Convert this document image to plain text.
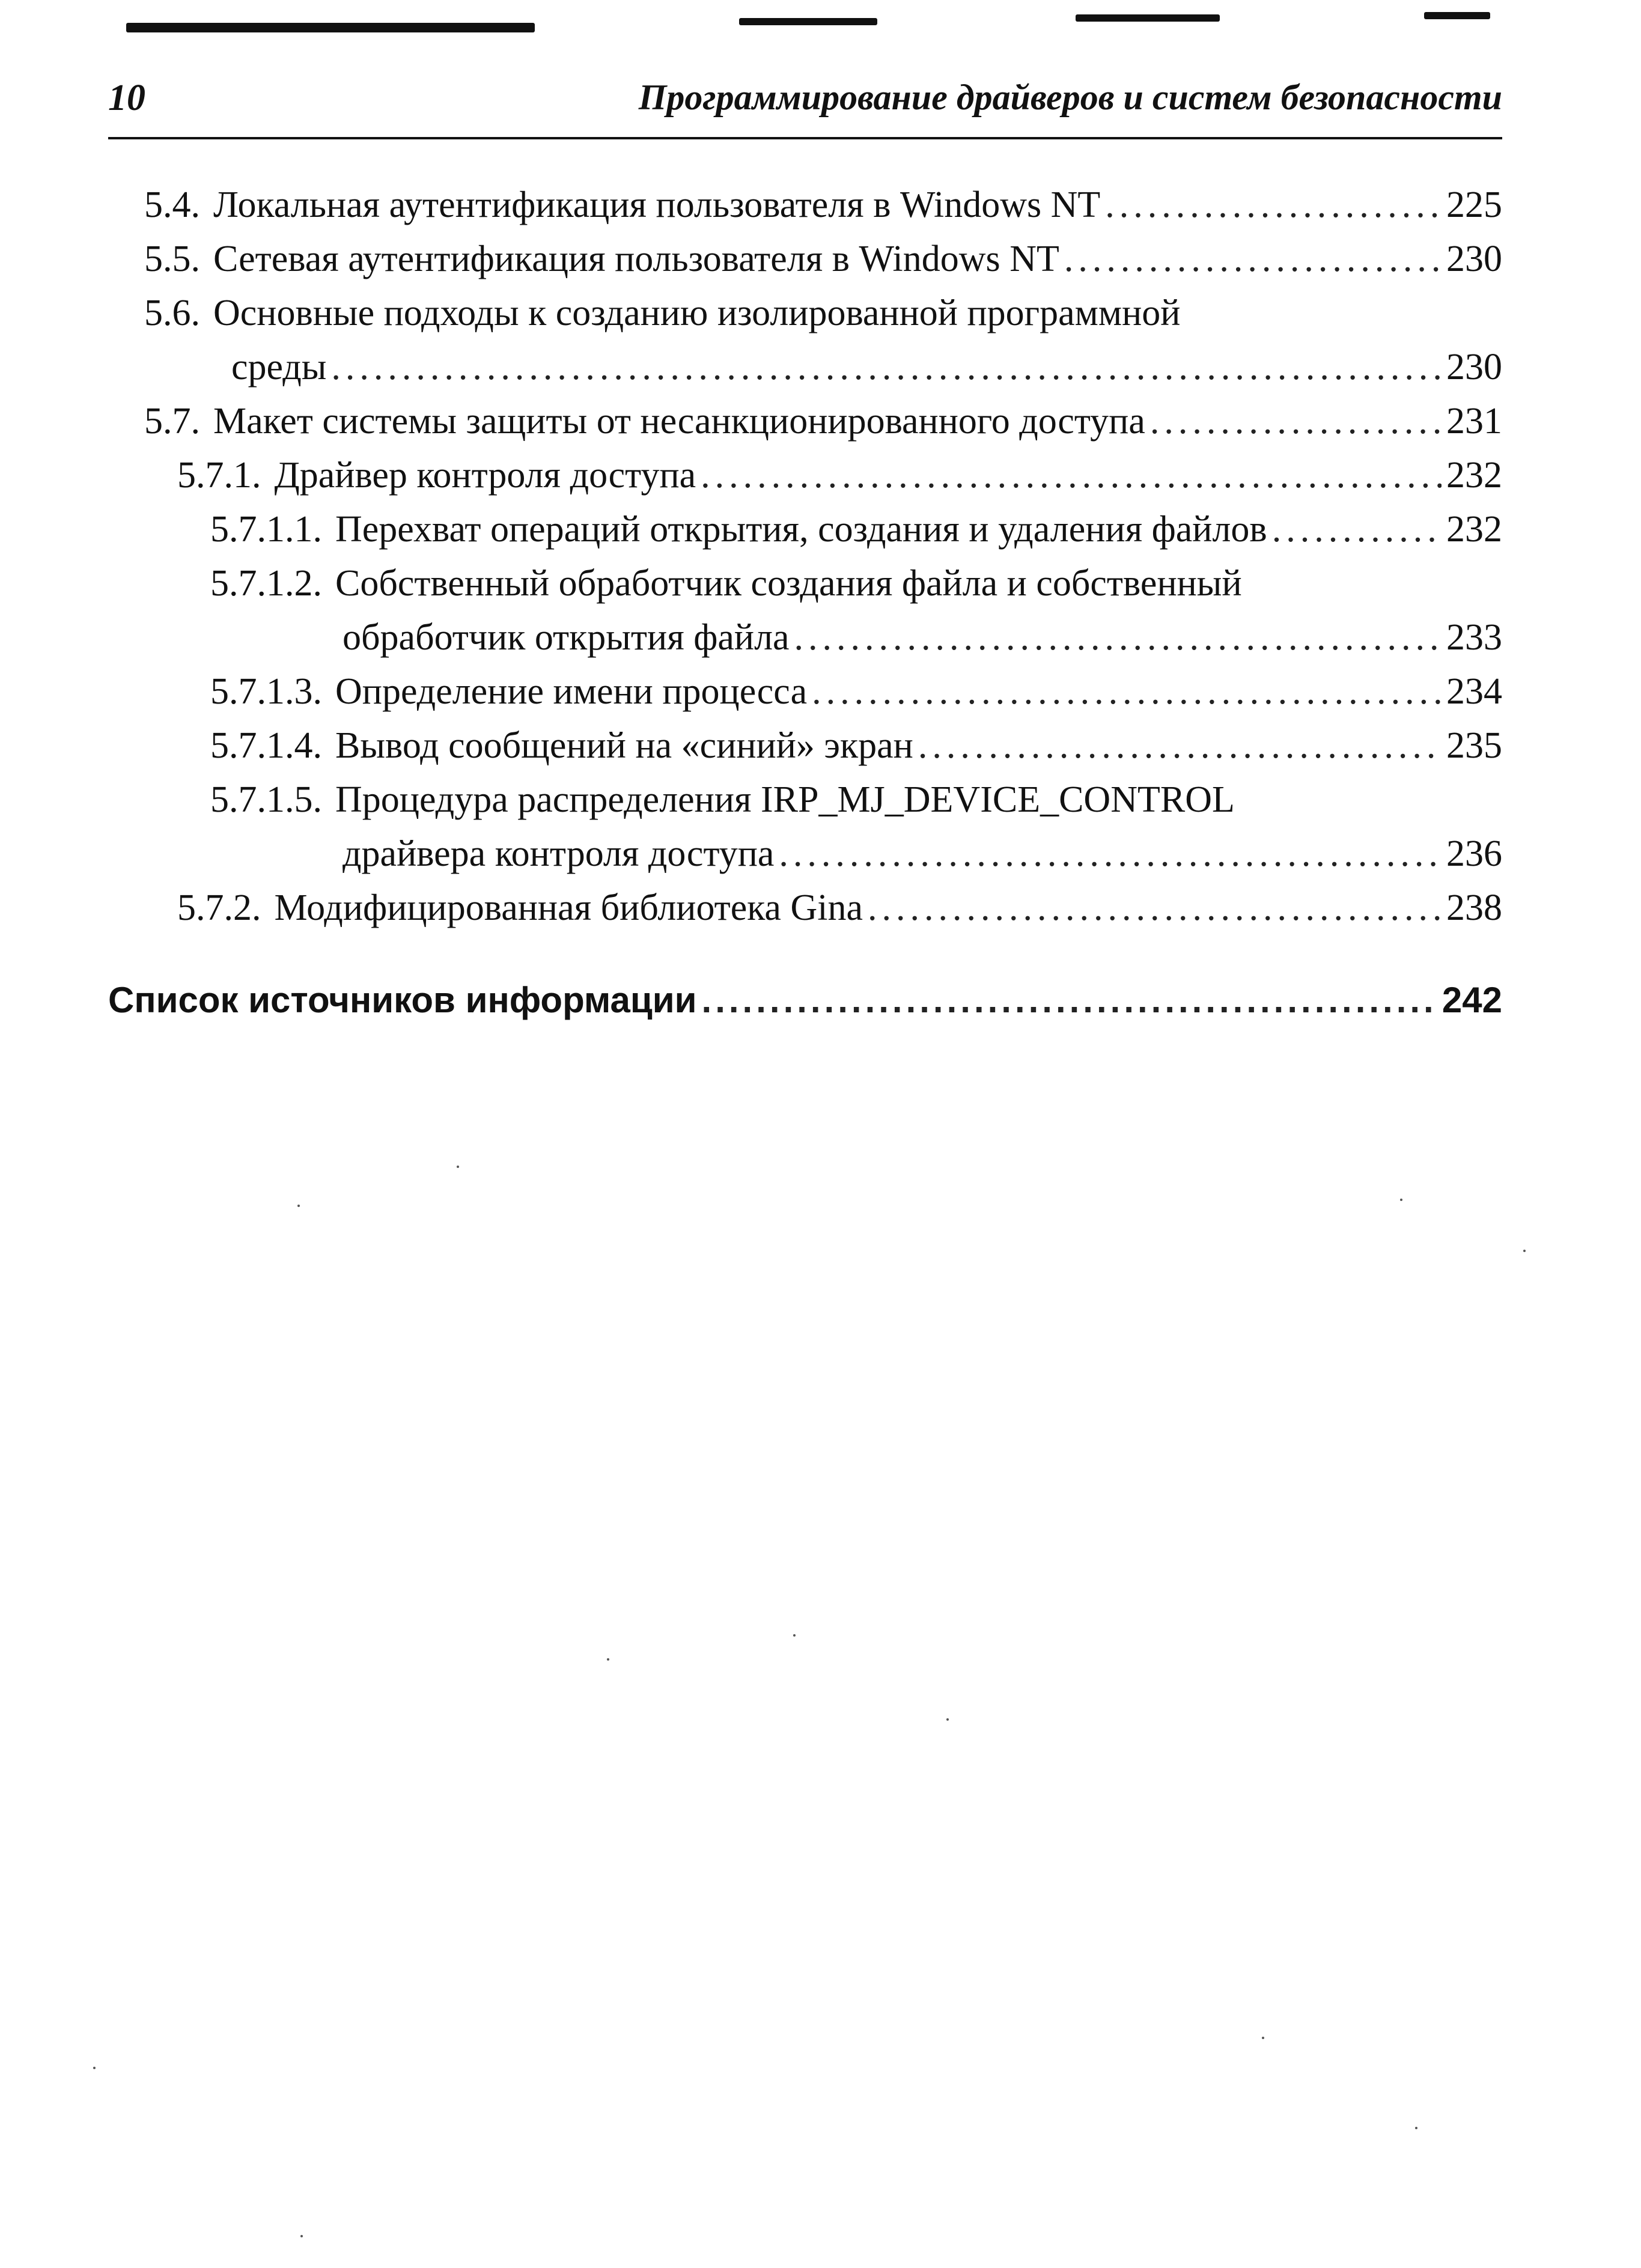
10	Программирование драйверов и систем безопасности
5.4. Локальная аутентификация пользователя в Windows NT .....	225
5.5. Сетевая аутентификация пользователя в Windows NT .....	230
5.6. Основные подходы к созданию изолированной программной
среды .....	230
5.7. Макет системы защиты от несанкционированного доступа .....	231
5.7.1. Драйвер контроля доступа .....	232
5.7.1.1. Перехват операций открытия, создания и удаления файлов .....	232
5.7.1.2. Собственный обработчик создания файла и собственный
обработчик открытия файла .....	233
5.7.1.3. Определение имени процесса .....	234
5.7.1.4. Вывод сообщений на «синий» экран .....	235
5.7.1.5. Процедура распределения IRP_MJ_DEVICE_CONTROL
драйвера контроля доступа .....	236
5.7.2. Модифицированная библиотека Gina .....	238
Список источников информации .....	242
